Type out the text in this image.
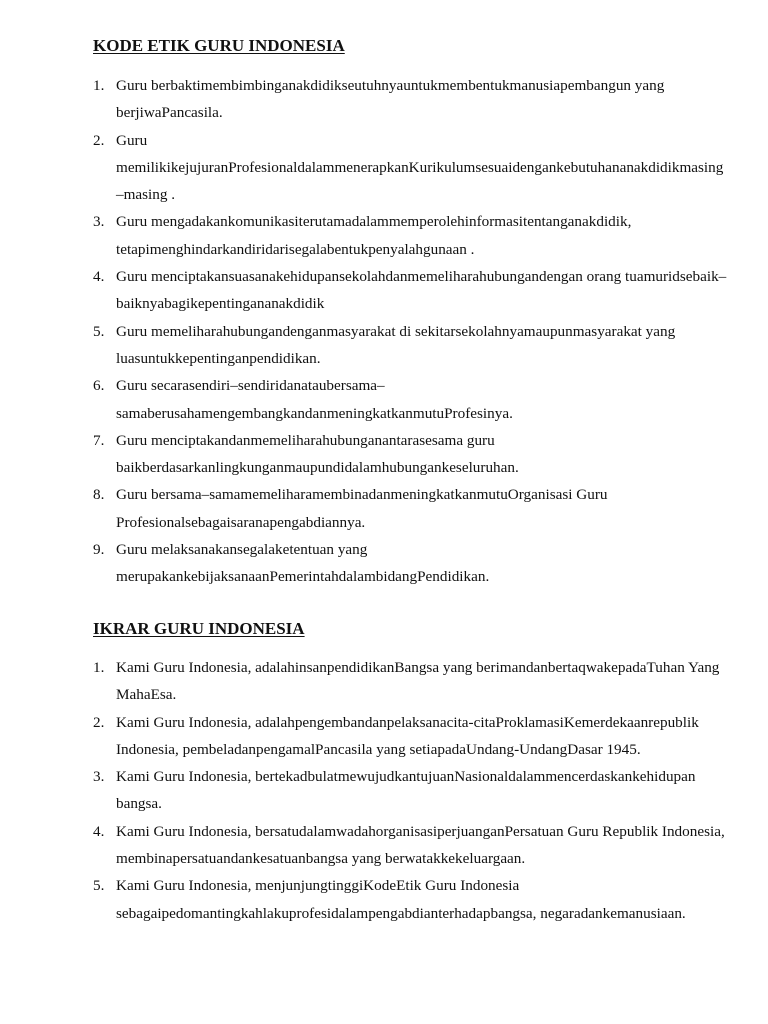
KODE ETIK GURU INDONESIA
1. Guru berbaktimembimbinganakdidikseutuhnyauntukmembentukmanusiapembangun yang berjiwaPancasila.
2. Guru memilikikejujuranProfesionaldalammenerapkanKurikulumsesuaidengankebutuhananakdidikmasing –masing .
3. Guru mengadakankomunikasiterutamadalammemperolehinformasitentanganakdidik, tetapimenghindarkandiridarisegalabentukpenyalahgunaan .
4. Guru menciptakansuasanakehidupansekolahdanmemeliharahubungandengan orang tuamuridsebaik–baiknyabagikepentingananakdidik
5. Guru memeliharahubungandenganmasyarakat di sekitarsekolahnyamaupunmasyarakat yang luasuntukkepentinganpendidikan.
6. Guru secarasendiri–sendiridanataubersama–samaberusahamengembangkandanmeningkatkanmutuProfesinya.
7. Guru menciptakandanmemeliharahubunganantarasesama guru baikberdasarkanlingkunganmaupundidalamhubungankeseluruhan.
8. Guru bersama–samamemeliharamembinadanmeningkatkanmutuOrganisasi Guru Profesionalsebagaisaranapengabdiannya.
9. Guru melaksanakansegalaketentuan yang merupakankebijaksanaanPemerintahdalambidangPendidikan.
IKRAR GURU INDONESIA
1. Kami Guru Indonesia, adalahinsanpendidikanBangsa yang berimandanbertaqwakepadaTuhan Yang MahaEsa.
2. Kami Guru Indonesia, adalahpengembandanpelaksanacita-citaProklamasiKemerdekaanrepublik Indonesia, pembeladanpengamalPancasila yang setiapadaUndang-UndangDasar 1945.
3. Kami Guru Indonesia, bertekadbulatmewujudkantujuanNasionaldalammencerdaskankehidupan bangsa.
4. Kami Guru Indonesia, bersatudalamwadahorganisasiperjuanganPersatuan Guru Republik Indonesia, membinapersatuandankesatuanbangsa yang berwatakkekeluargaan.
5. Kami Guru Indonesia, menjunjungtinggiKodeEtik Guru Indonesia sebagaipedomantingkahlakuprofesidalampengabdianterhadapbangsa, negaradankemanusiaan.
